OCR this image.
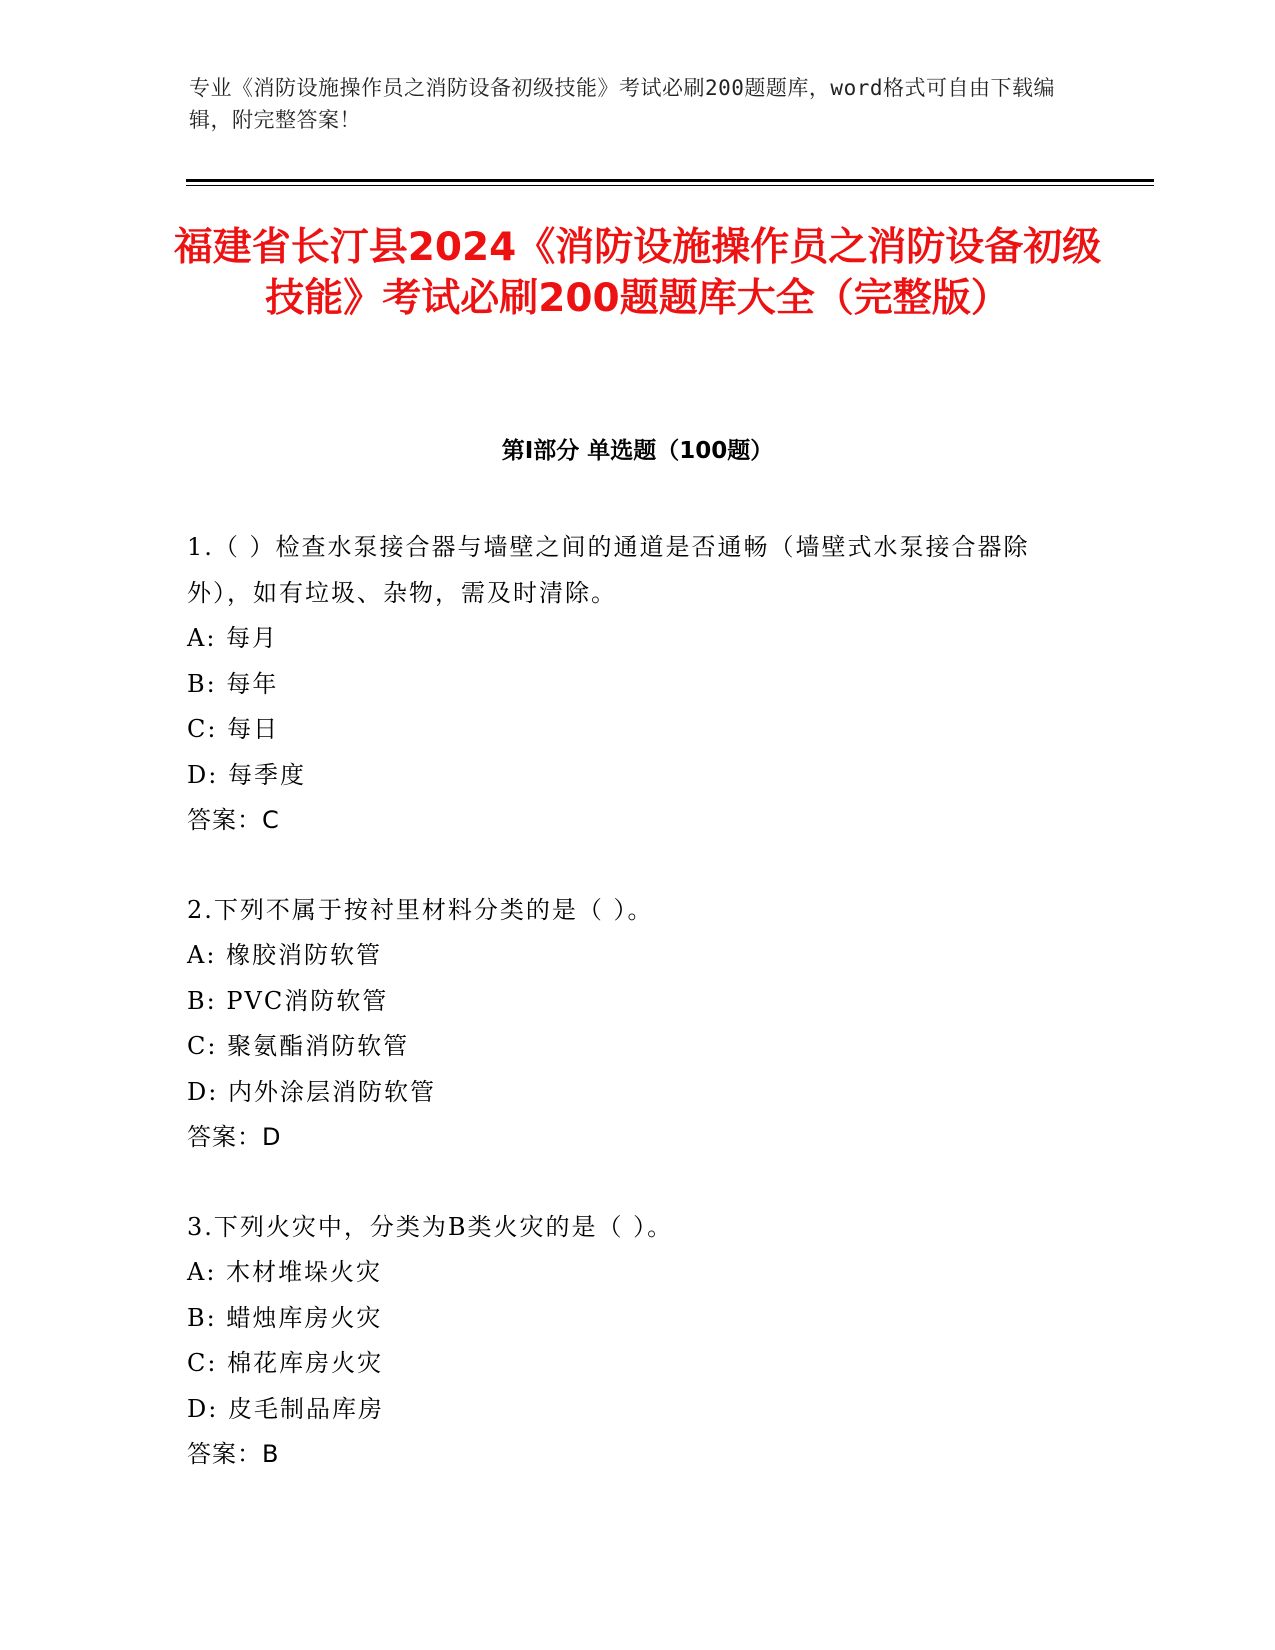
专业《消防设施操作员之消防设备初级技能》考试必刷200题题库，word格式可自由下载编辑，附完整答案！
福建省长汀县2024《消防设施操作员之消防设备初级技能》考试必刷200题题库大全（完整版）
第I部分 单选题（100题）
1.（ ）检查水泵接合器与墙壁之间的通道是否通畅（墙壁式水泵接合器除外），如有垃圾、杂物，需及时清除。
A: 每月
B: 每年
C: 每日
D: 每季度
答案：C
2.下列不属于按衬里材料分类的是（ ）。
A: 橡胶消防软管
B: PVC消防软管
C: 聚氨酯消防软管
D: 内外涂层消防软管
答案：D
3.下列火灾中，分类为B类火灾的是（ ）。
A: 木材堆垛火灾
B: 蜡烛库房火灾
C: 棉花库房火灾
D: 皮毛制品库房
答案：B
